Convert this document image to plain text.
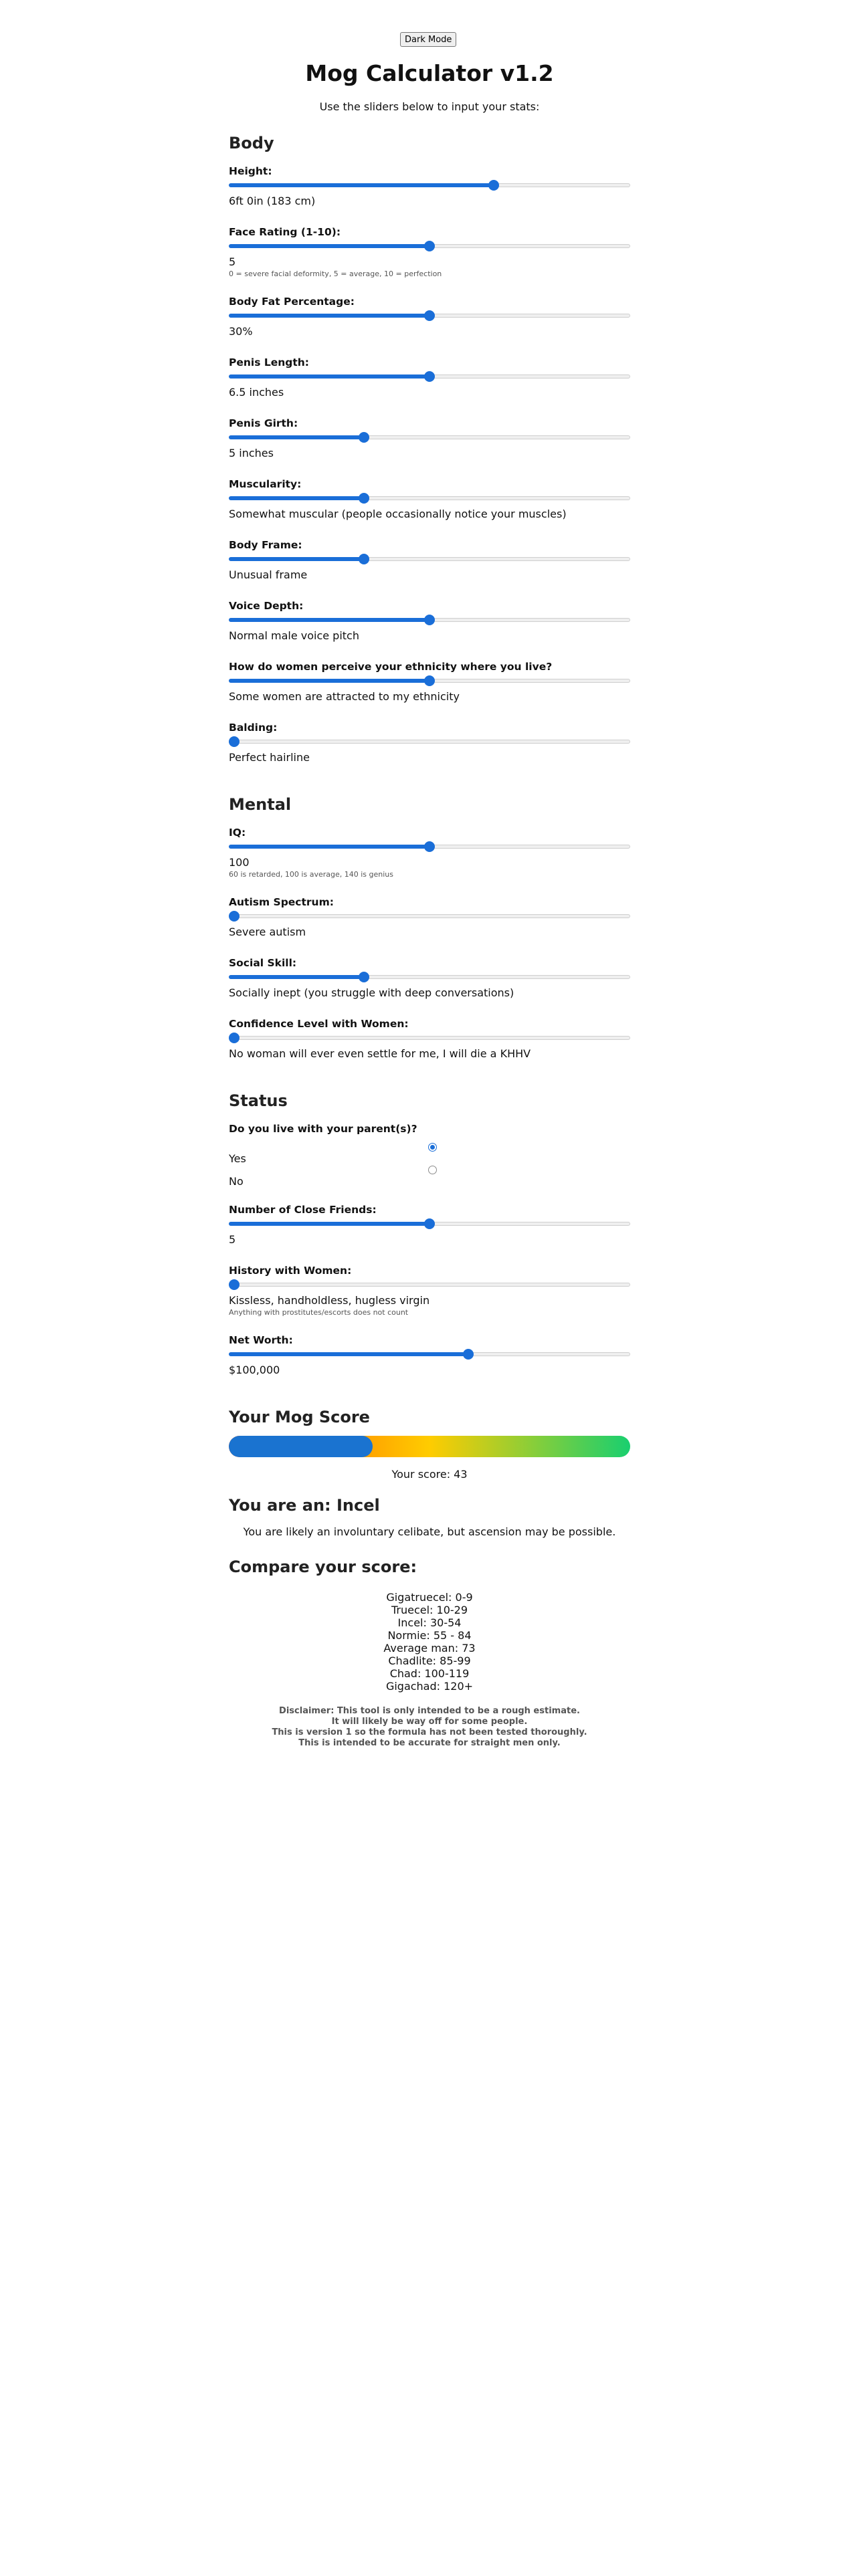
Dark Mode
Mog Calculator v1.2
Use the sliders below to input your stats:
Body
Height:
6ft 0in (183 cm)
Face Rating (1-10):
5
0 = severe facial deformity, 5 = average, 10 = perfection
Body Fat Percentage:
30%
Penis Length:
6.5 inches
Penis Girth:
5 inches
Muscularity:
Somewhat muscular (people occasionally notice your muscles)
Body Frame:
Unusual frame
Voice Depth:
Normal male voice pitch
How do women perceive your ethnicity where you live?
Some women are attracted to my ethnicity
Balding:
Perfect hairline
Mental
IQ:
100
60 is retarded, 100 is average, 140 is genius
Autism Spectrum:
Severe autism
Social Skill:
Socially inept (you struggle with deep conversations)
Confidence Level with Women:
No woman will ever even settle for me, I will die a KHHV
Status
Do you live with your parent(s)?
Yes
No
Number of Close Friends:
5
History with Women:
Kissless, handholdless, hugless virgin
Anything with prostitutes/escorts does not count
Net Worth:
$100,000
Your Mog Score
Your score: 43
You are an: Incel
You are likely an involuntary celibate, but ascension may be possible.
Compare your score:
Gigatruecel: 0-9
Truecel: 10-29
Incel: 30-54
Normie: 55 - 84
Average man: 73
Chadlite: 85-99
Chad: 100-119
Gigachad: 120+
Disclaimer: This tool is only intended to be a rough estimate.
It will likely be way off for some people.
This is version 1 so the formula has not been tested thoroughly.
This is intended to be accurate for straight men only.
